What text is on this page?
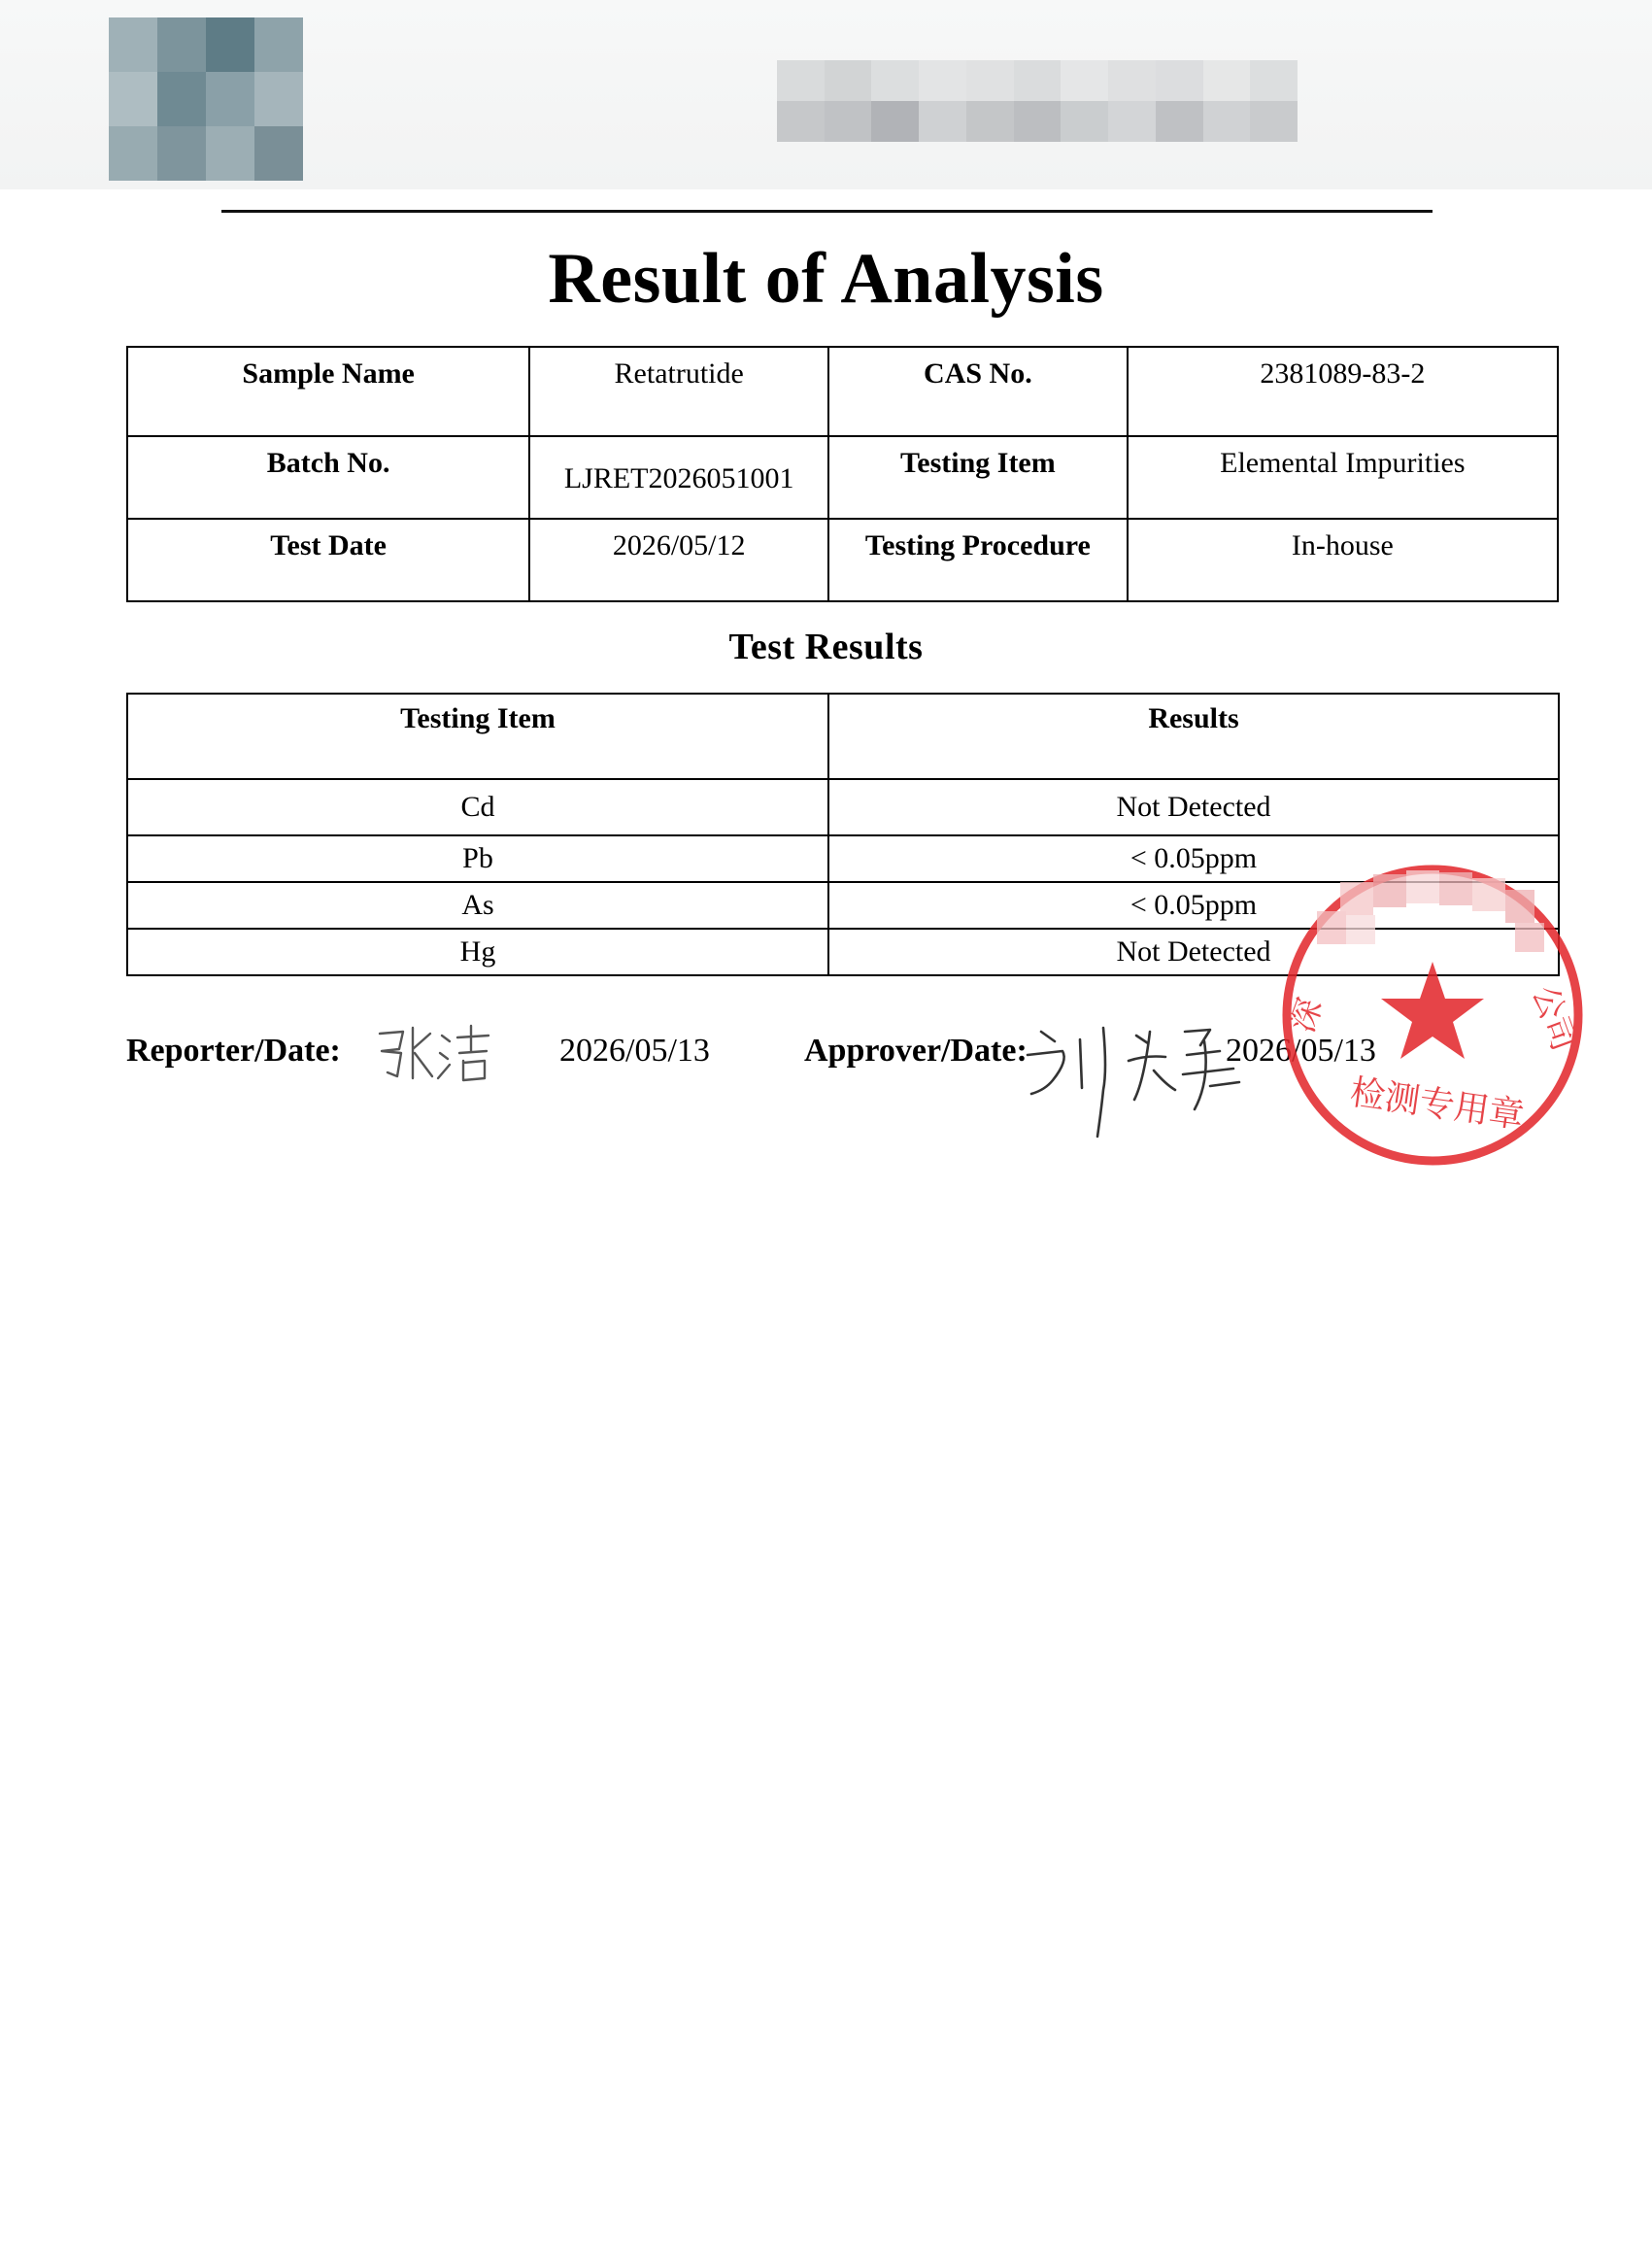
Result of Analysis
Sample Name	Retatrutide	CAS No.	2381089-83-2
Batch No.	LJRET2026051001	Testing Item	Elemental Impurities
Test Date	2026/05/12	Testing Procedure	In-house
Test Results
Testing Item	Results
Cd	Not Detected
Pb	< 0.05ppm
As	< 0.05ppm
Hg	Not Detected
Reporter/Date:	2026/05/13	Approver/Date:	2026/05/13
深	公司
检测专用章
